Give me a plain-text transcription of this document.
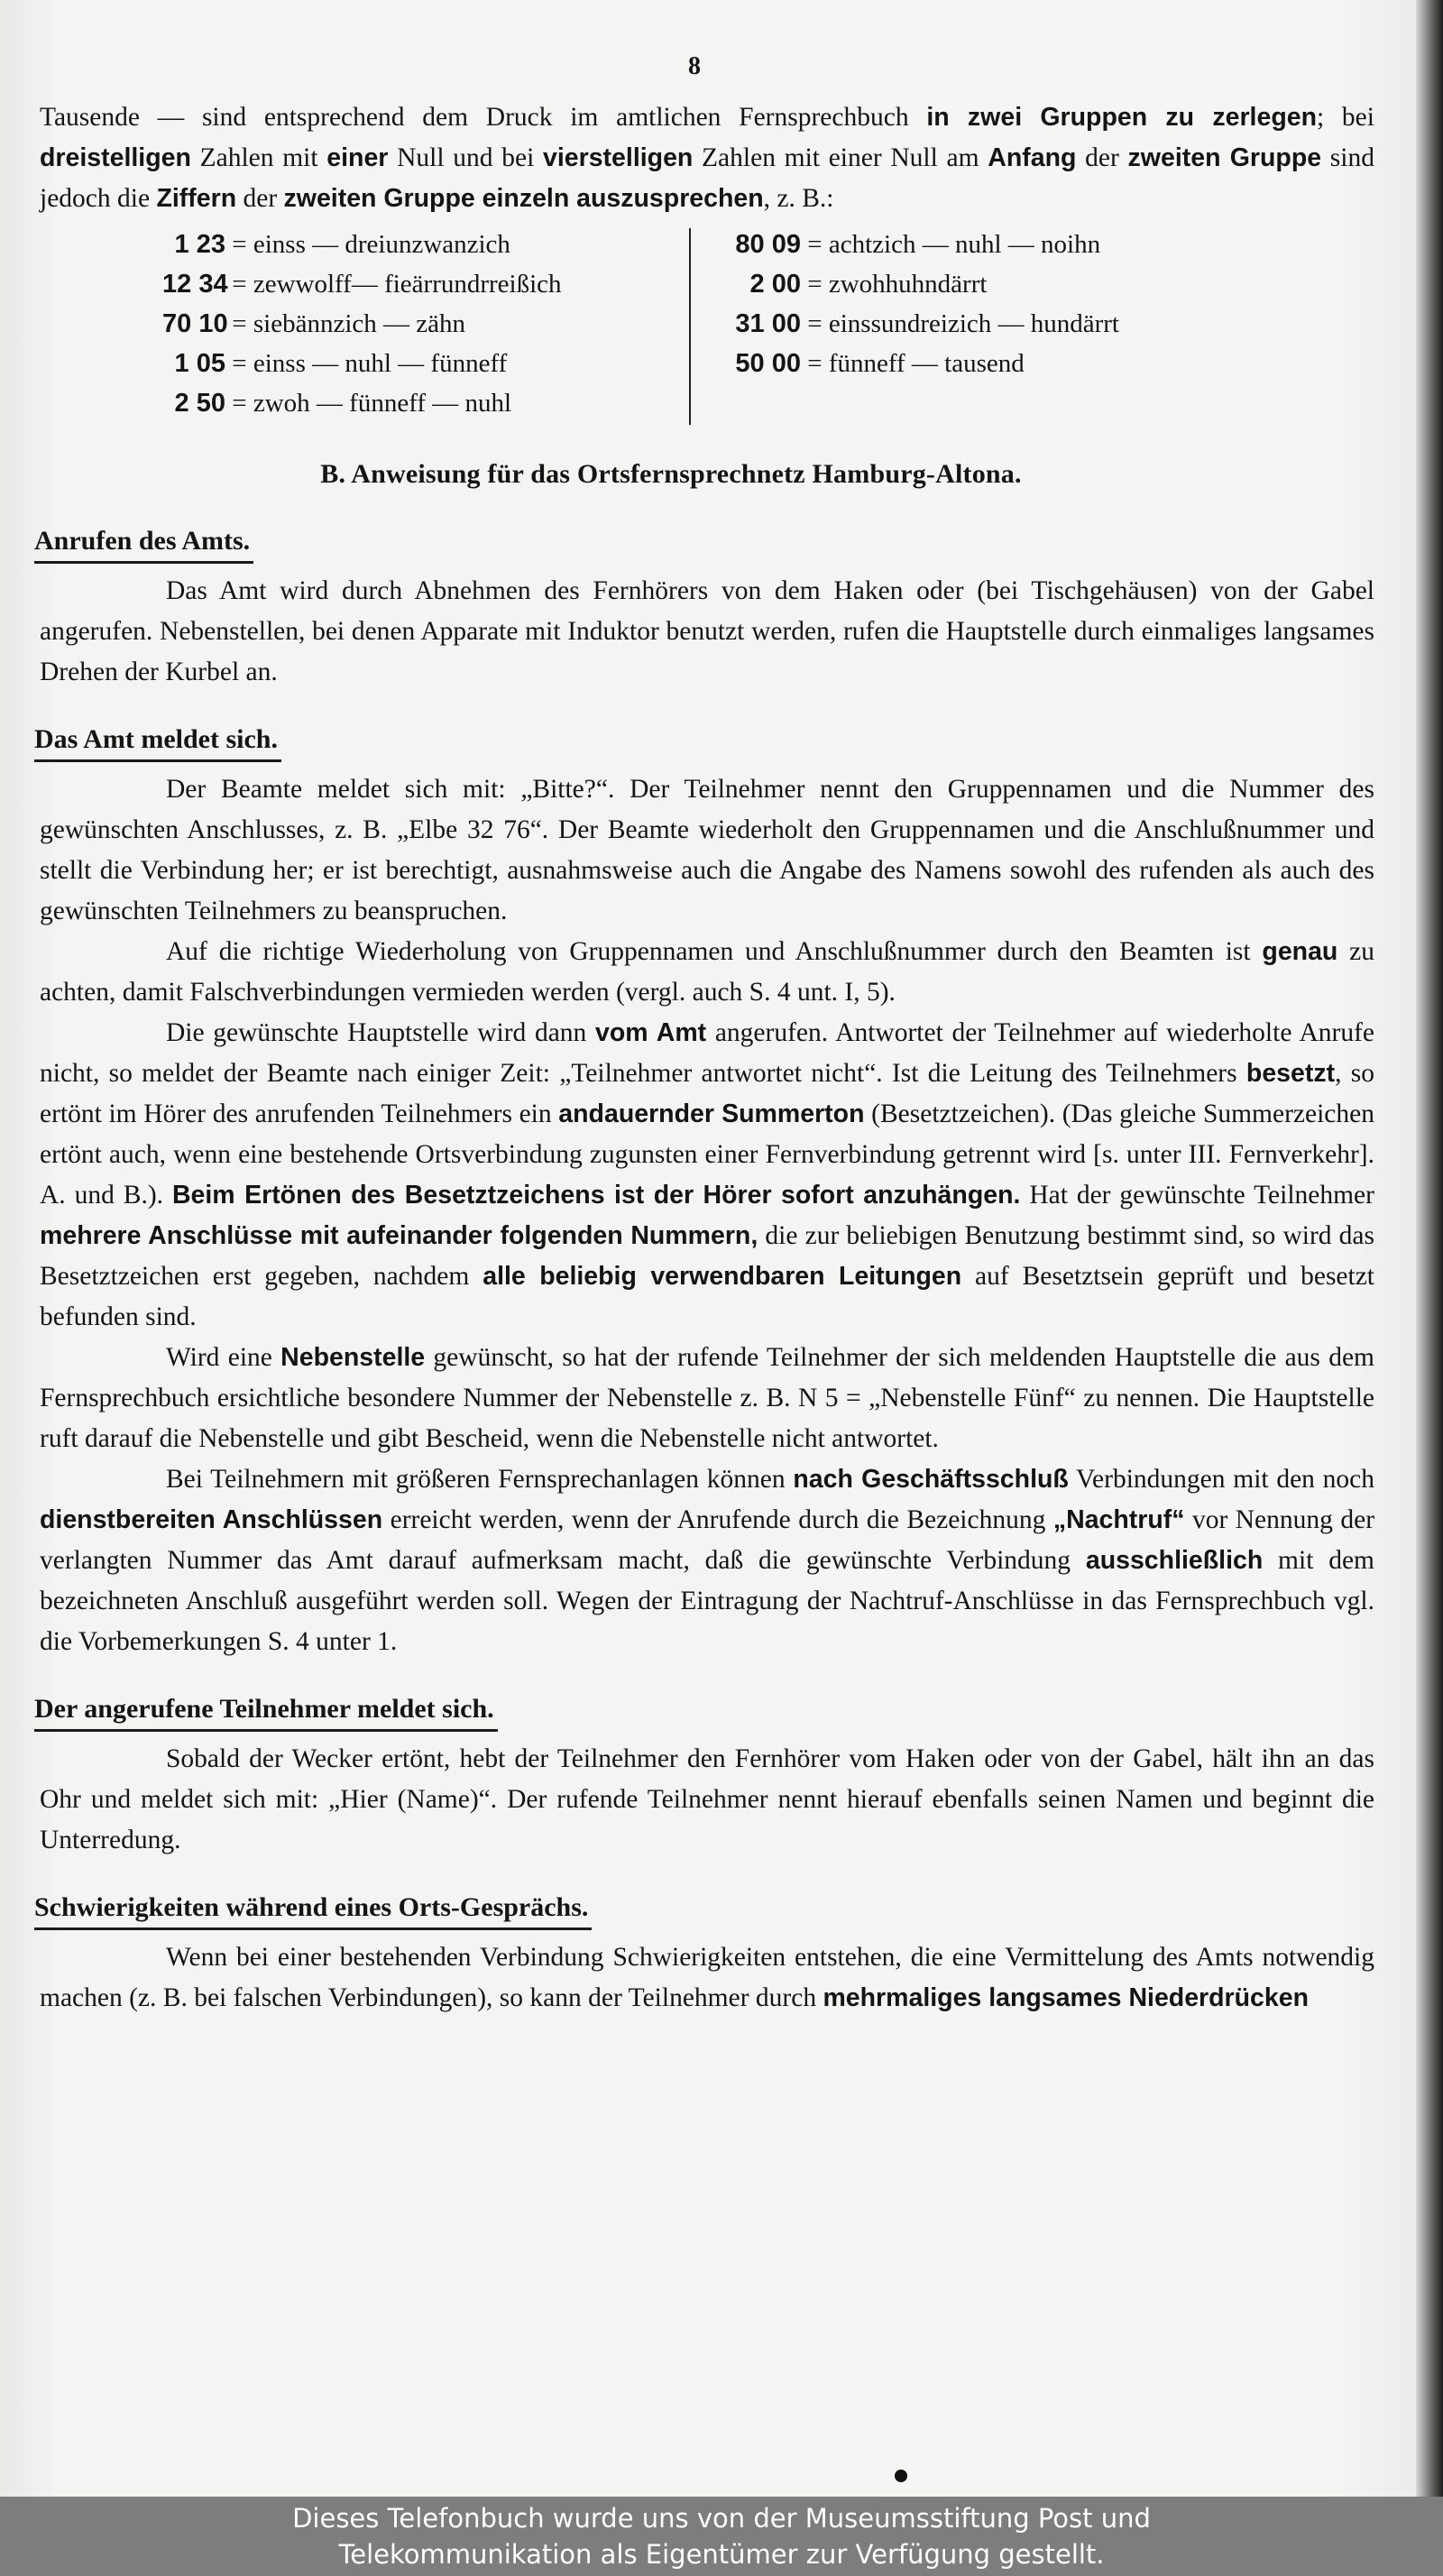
8

Tausende — sind entsprechend dem Druck im amtlichen Fernsprechbuch in zwei Gruppen zu zerlegen; bei dreistelligen Zahlen mit einer Null und bei vierstelligen Zahlen mit einer Null am Anfang der zweiten Gruppe sind jedoch die Ziffern der zweiten Gruppe einzeln auszusprechen, z. B.:

1 23 = einss — dreiunzwanzich
12 34 = zewwolff— fieärrundrreißich
70 10 = siebännzich — zähn
1 05 = einss — nuhl — fünneff
2 50 = zwoh — fünneff — nuhl
80 09 = achtzich — nuhl — noihn
2 00 = zwohhuhndärrt
31 00 = einssundreizich — hundärrt
50 00 = fünneff — tausend
B. Anweisung für das Ortsfernsprechnetz Hamburg-Altona.
Anrufen des Amts.

Das Amt wird durch Abnehmen des Fernhörers von dem Haken oder (bei Tischgehäusen) von der Gabel angerufen. Nebenstellen, bei denen Apparate mit Induktor benutzt werden, rufen die Hauptstelle durch einmaliges langsames Drehen der Kurbel an.

Das Amt meldet sich.

Der Beamte meldet sich mit: „Bitte?“. Der Teilnehmer nennt den Gruppennamen und die Nummer des gewünschten Anschlusses, z. B. „Elbe 32 76“. Der Beamte wiederholt den Gruppennamen und die Anschlußnummer und stellt die Verbindung her; er ist berechtigt, ausnahmsweise auch die Angabe des Namens sowohl des rufenden als auch des gewünschten Teilnehmers zu beanspruchen.

Auf die richtige Wiederholung von Gruppennamen und Anschlußnummer durch den Beamten ist genau zu achten, damit Falschverbindungen vermieden werden (vergl. auch S. 4 unt. I, 5).

Die gewünschte Hauptstelle wird dann vom Amt angerufen. Antwortet der Teilnehmer auf wiederholte Anrufe nicht, so meldet der Beamte nach einiger Zeit: „Teilnehmer antwortet nicht“. Ist die Leitung des Teilnehmers besetzt, so ertönt im Hörer des anrufenden Teilnehmers ein andauernder Summerton (Besetztzeichen). (Das gleiche Summerzeichen ertönt auch, wenn eine bestehende Ortsverbindung zugunsten einer Fernverbindung getrennt wird [s. unter III. Fernverkehr]. A. und B.). Beim Ertönen des Besetztzeichens ist der Hörer sofort anzuhängen. Hat der gewünschte Teilnehmer mehrere Anschlüsse mit aufeinander folgenden Nummern, die zur beliebigen Benutzung bestimmt sind, so wird das Besetztzeichen erst gegeben, nachdem alle beliebig verwendbaren Leitungen auf Besetztsein geprüft und besetzt befunden sind.

Wird eine Nebenstelle gewünscht, so hat der rufende Teilnehmer der sich meldenden Hauptstelle die aus dem Fernsprechbuch ersichtliche besondere Nummer der Nebenstelle z. B. N 5 = „Nebenstelle Fünf“ zu nennen. Die Hauptstelle ruft darauf die Nebenstelle und gibt Bescheid, wenn die Nebenstelle nicht antwortet.

Bei Teilnehmern mit größeren Fernsprechanlagen können nach Geschäftsschluß Verbindungen mit den noch dienstbereiten Anschlüssen erreicht werden, wenn der Anrufende durch die Bezeichnung „Nachtruf“ vor Nennung der verlangten Nummer das Amt darauf aufmerksam macht, daß die gewünschte Verbindung ausschließlich mit dem bezeichneten Anschluß ausgeführt werden soll. Wegen der Eintragung der Nachtruf-Anschlüsse in das Fernsprechbuch vgl. die Vorbemerkungen S. 4 unter 1.

Der angerufene Teilnehmer meldet sich.

Sobald der Wecker ertönt, hebt der Teilnehmer den Fernhörer vom Haken oder von der Gabel, hält ihn an das Ohr und meldet sich mit: „Hier (Name)“. Der rufende Teilnehmer nennt hierauf ebenfalls seinen Namen und beginnt die Unterredung.

Schwierigkeiten während eines Orts-Gesprächs.

Wenn bei einer bestehenden Verbindung Schwierigkeiten entstehen, die eine Vermittelung des Amts notwendig machen (z. B. bei falschen Verbindungen), so kann der Teilnehmer durch mehrmaliges langsames Niederdrücken

Dieses Telefonbuch wurde uns von der Museumsstiftung Post und
Telekommunikation als Eigentümer zur Verfügung gestellt.
